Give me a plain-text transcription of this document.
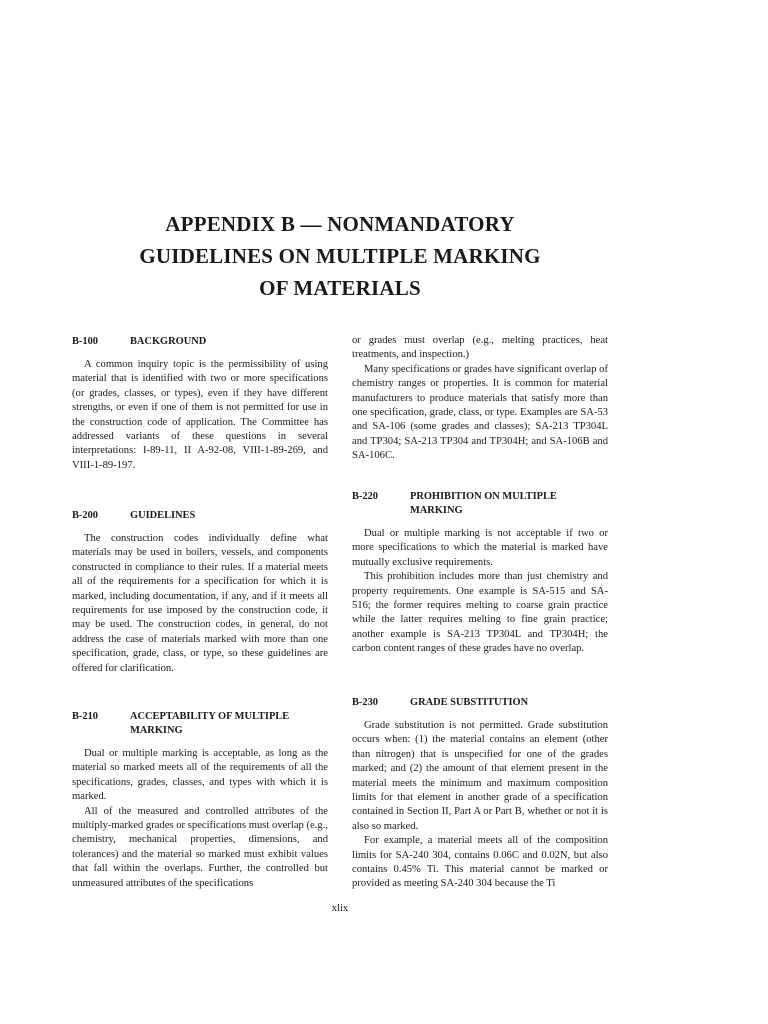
APPENDIX B — NONMANDATORY
GUIDELINES ON MULTIPLE MARKING
OF MATERIALS
B-100	BACKGROUND

A common inquiry topic is the permissibility of using material that is identified with two or more specifications (or grades, classes, or types), even if they have different strengths, or even if one of them is not permitted for use in the construction code of application. The Committee has addressed variants of these questions in several interpretations: I-89-11, II A-92-08, VIII-1-89-269, and VIII-1-89-197.

B-200	GUIDELINES

The construction codes individually define what materials may be used in boilers, vessels, and components constructed in compliance to their rules. If a material meets all of the requirements for a specification for which it is marked, including documentation, if any, and if it meets all requirements for use imposed by the construction code, it may be used. The construction codes, in general, do not address the case of materials marked with more than one specification, grade, class, or type, so these guidelines are offered for clarification.

B-210	ACCEPTABILITY OF MULTIPLE MARKING

Dual or multiple marking is acceptable, as long as the material so marked meets all of the requirements of all the specifications, grades, classes, and types with which it is marked.

All of the measured and controlled attributes of the multiply-marked grades or specifications must overlap (e.g., chemistry, mechanical properties, dimensions, and tolerances) and the material so marked must exhibit values that fall within the overlaps. Further, the controlled but unmeasured attributes of the specifications

or grades must overlap (e.g., melting practices, heat treatments, and inspection.)

Many specifications or grades have significant overlap of chemistry ranges or properties. It is common for material manufacturers to produce materials that satisfy more than one specification, grade, class, or type. Examples are SA-53 and SA-106 (some grades and classes); SA-213 TP304L and TP304; SA-213 TP304 and TP304H; and SA-106B and SA-106C.

B-220	PROHIBITION ON MULTIPLE MARKING

Dual or multiple marking is not acceptable if two or more specifications to which the material is marked have mutually exclusive requirements.

This prohibition includes more than just chemistry and property requirements. One example is SA-515 and SA-516; the former requires melting to coarse grain practice while the latter requires melting to fine grain practice; another example is SA-213 TP304L and TP304H; the carbon content ranges of these grades have no overlap.

B-230	GRADE SUBSTITUTION

Grade substitution is not permitted. Grade substitution occurs when: (1) the material contains an element (other than nitrogen) that is unspecified for one of the grades marked; and (2) the amount of that element present in the material meets the minimum and maximum composition limits for that element in another grade of a specification contained in Section II, Part A or Part B, whether or not it is also so marked.

For example, a material meets all of the composition limits for SA-240 304, contains 0.06C and 0.02N, but also contains 0.45% Ti. This material cannot be marked or provided as meeting SA-240 304 because the Ti

xlix
